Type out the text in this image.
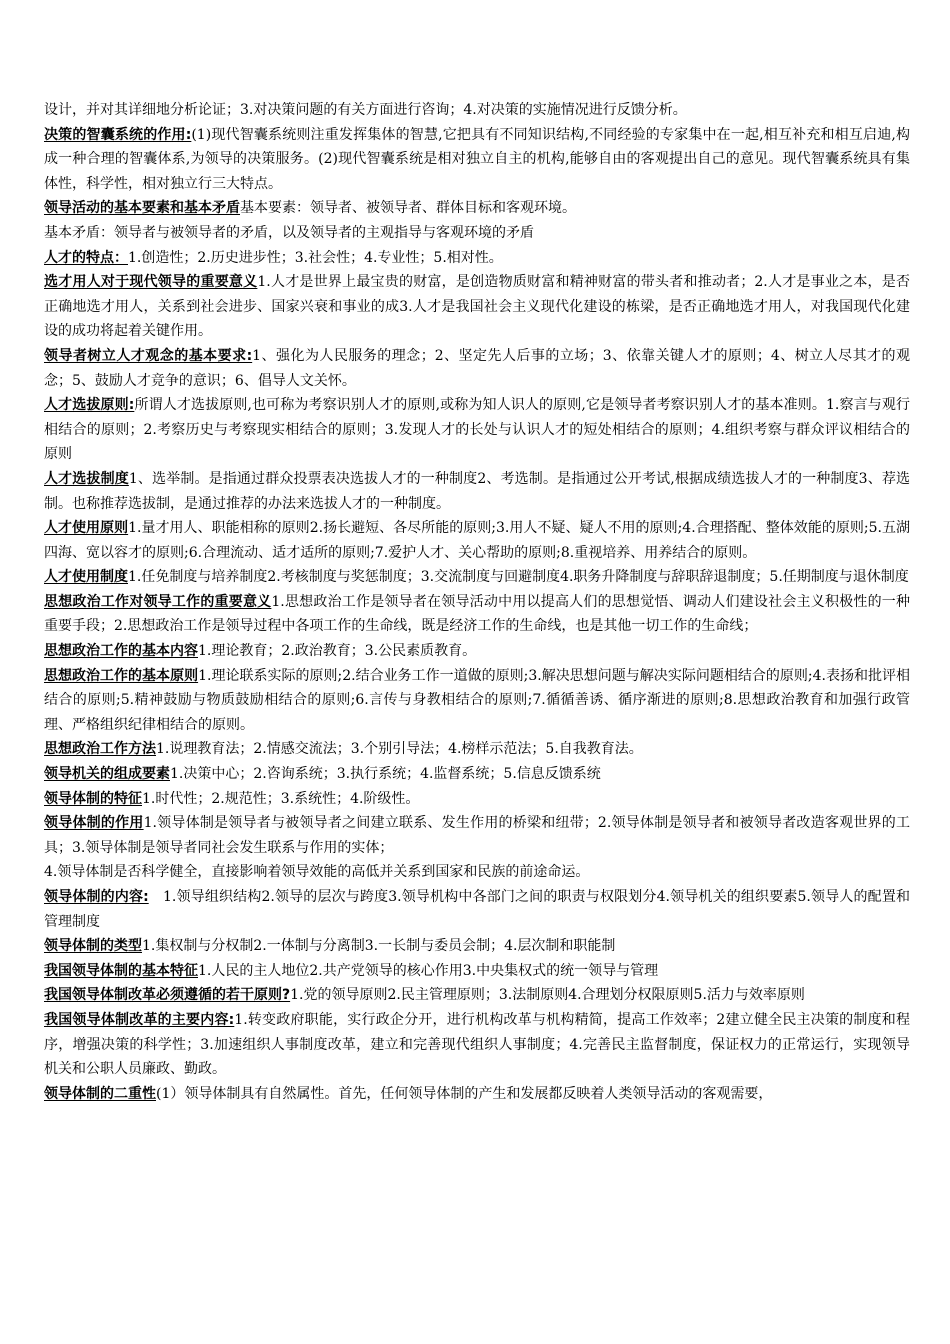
设计，并对其详细地分析论证；3.对决策问题的有关方面进行咨询；4.对决策的实施情况进行反馈分析。

决策的智囊系统的作用:(1)现代智囊系统则注重发挥集体的智慧,它把具有不同知识结构,不同经验的专家集中在一起,相互补充和相互启迪,构成一种合理的智囊体系,为领导的决策服务。(2)现代智囊系统是相对独立自主的机构,能够自由的客观提出自己的意见。现代智囊系统具有集体性，科学性，相对独立行三大特点。

领导活动的基本要素和基本矛盾基本要素：领导者、被领导者、群体目标和客观环境。

基本矛盾：领导者与被领导者的矛盾，以及领导者的主观指导与客观环境的矛盾

人才的特点：1.创造性；2.历史进步性；3.社会性；4.专业性；5.相对性。

选才用人对于现代领导的重要意义1.人才是世界上最宝贵的财富，是创造物质财富和精神财富的带头者和推动者；2.人才是事业之本，是否正确地选才用人，关系到社会进步、国家兴衰和事业的成3.人才是我国社会主义现代化建设的栋梁，是否正确地选才用人，对我国现代化建设的成功将起着关键作用。

领导者树立人才观念的基本要求:1、强化为人民服务的理念；2、坚定先人后事的立场；3、依靠关键人才的原则；4、树立人尽其才的观念；5、鼓励人才竞争的意识；6、倡导人文关怀。

人才选拔原则:所谓人才选拔原则,也可称为考察识别人才的原则,或称为知人识人的原则,它是领导者考察识别人才的基本准则。1.察言与观行相结合的原则；2.考察历史与考察现实相结合的原则；3.发现人才的长处与认识人才的短处相结合的原则；4.组织考察与群众评议相结合的原则

人才选拔制度1、选举制。是指通过群众投票表决选拔人才的一种制度2、考选制。是指通过公开考试,根据成绩选拔人才的一种制度3、荐选制。也称推荐选拔制，是通过推荐的办法来选拔人才的一种制度。

人才使用原则1.量才用人、职能相称的原则2.扬长避短、各尽所能的原则;3.用人不疑、疑人不用的原则;4.合理搭配、整体效能的原则;5.五湖四海、宽以容才的原则;6.合理流动、适才适所的原则;7.爱护人才、关心帮助的原则;8.重视培养、用养结合的原则。

人才使用制度1.任免制度与培养制度2.考核制度与奖惩制度；3.交流制度与回避制度4.职务升降制度与辞职辞退制度；5.任期制度与退休制度

思想政治工作对领导工作的重要意义1.思想政治工作是领导者在领导活动中用以提高人们的思想觉悟、调动人们建设社会主义积极性的一种重要手段；2.思想政治工作是领导过程中各项工作的生命线，既是经济工作的生命线，也是其他一切工作的生命线；

思想政治工作的基本内容1.理论教育；2.政治教育；3.公民素质教育。

思想政治工作的基本原则1.理论联系实际的原则;2.结合业务工作一道做的原则;3.解决思想问题与解决实际问题相结合的原则;4.表扬和批评相结合的原则;5.精神鼓励与物质鼓励相结合的原则;6.言传与身教相结合的原则;7.循循善诱、循序渐进的原则;8.思想政治教育和加强行政管理、严格组织纪律相结合的原则。

思想政治工作方法1.说理教育法；2.情感交流法；3.个别引导法；4.榜样示范法；5.自我教育法。

领导机关的组成要素1.决策中心；2.咨询系统；3.执行系统；4.监督系统；5.信息反馈系统

领导体制的特征1.时代性；2.规范性；3.系统性；4.阶级性。

领导体制的作用1.领导体制是领导者与被领导者之间建立联系、发生作用的桥梁和纽带；2.领导体制是领导者和被领导者改造客观世界的工具；3.领导体制是领导者同社会发生联系与作用的实体；

4.领导体制是否科学健全，直接影响着领导效能的高低并关系到国家和民族的前途命运。

领导体制的内容:　1.领导组织结构2.领导的层次与跨度3.领导机构中各部门之间的职责与权限划分4.领导机关的组织要素5.领导人的配置和管理制度

领导体制的类型1.集权制与分权制2.一体制与分离制3.一长制与委员会制；4.层次制和职能制

我国领导体制的基本特征1.人民的主人地位2.共产党领导的核心作用3.中央集权式的统一领导与管理

我国领导体制改革必须遵循的若干原则?1.党的领导原则2.民主管理原则；3.法制原则4.合理划分权限原则5.活力与效率原则

我国领导体制改革的主要内容:1.转变政府职能，实行政企分开，进行机构改革与机构精简，提高工作效率；2建立健全民主决策的制度和程序，增强决策的科学性；3.加速组织人事制度改革，建立和完善现代组织人事制度；4.完善民主监督制度，保证权力的正常运行，实现领导机关和公职人员廉政、勤政。

领导体制的二重性(1）领导体制具有自然属性。首先，任何领导体制的产生和发展都反映着人类领导活动的客观需要，
